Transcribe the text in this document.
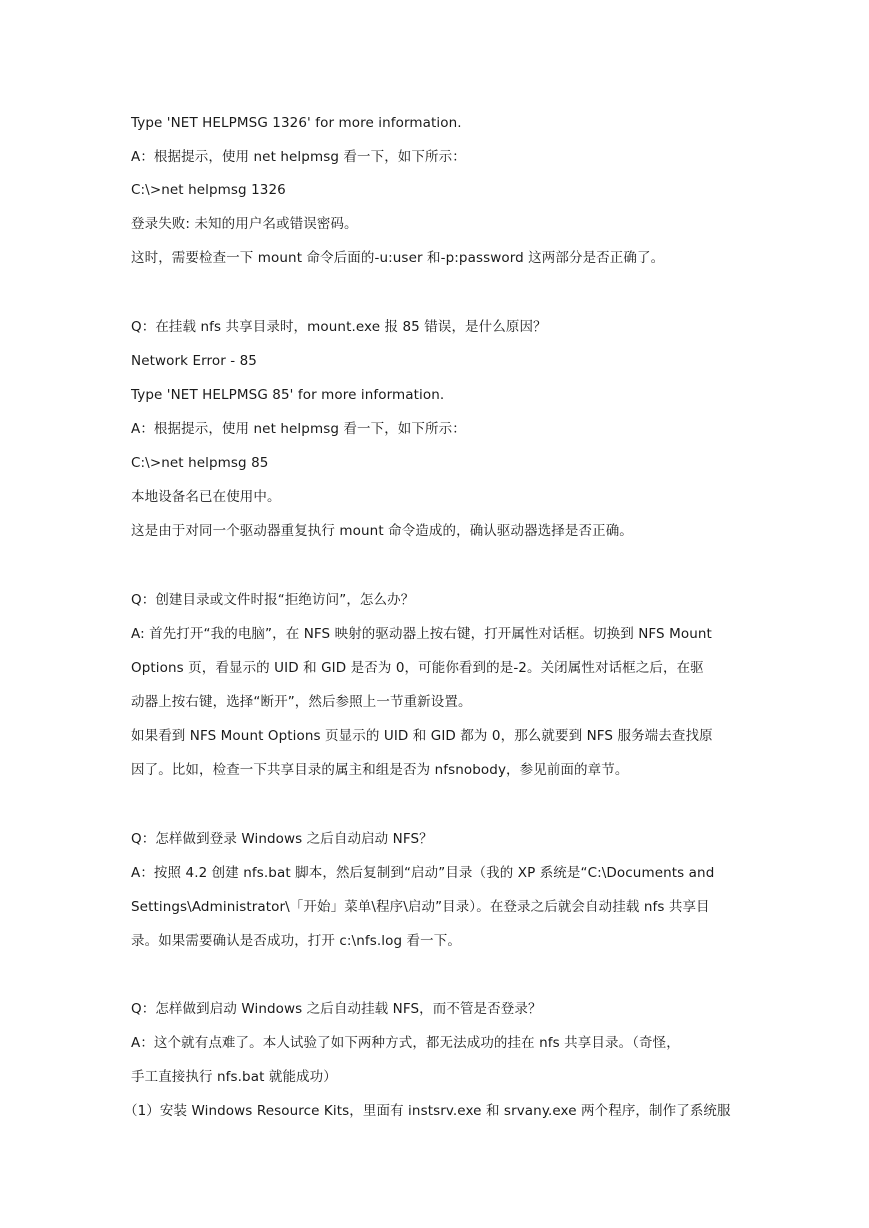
Type 'NET HELPMSG 1326' for more information.
A：根据提示，使用 net helpmsg 看一下，如下所示：
C:\>net helpmsg 1326
登录失败: 未知的用户名或错误密码。
这时，需要检查一下 mount 命令后面的-u:user 和-p:password 这两部分是否正确了。
Q：在挂载 nfs 共享目录时，mount.exe 报 85 错误，是什么原因？
Network Error - 85
Type 'NET HELPMSG 85' for more information.
A：根据提示，使用 net helpmsg 看一下，如下所示：
C:\>net helpmsg 85
本地设备名已在使用中。
这是由于对同一个驱动器重复执行 mount 命令造成的，确认驱动器选择是否正确。
Q：创建目录或文件时报“拒绝访问”，怎么办？
A: 首先打开“我的电脑”，在 NFS 映射的驱动器上按右键，打开属性对话框。切换到 NFS Mount
Options 页，看显示的 UID 和 GID 是否为 0，可能你看到的是-2。关闭属性对话框之后，在驱
动器上按右键，选择“断开”，然后参照上一节重新设置。
如果看到 NFS Mount Options 页显示的 UID 和 GID 都为 0，那么就要到 NFS 服务端去查找原
因了。比如，检查一下共享目录的属主和组是否为 nfsnobody，参见前面的章节。
Q：怎样做到登录 Windows 之后自动启动 NFS？
A：按照 4.2 创建 nfs.bat 脚本，然后复制到“启动”目录（我的 XP 系统是“C:\Documents and
Settings\Administrator\「开始」菜单\程序\启动”目录）。在登录之后就会自动挂载 nfs 共享目
录。如果需要确认是否成功，打开 c:\nfs.log 看一下。
Q：怎样做到启动 Windows 之后自动挂载 NFS，而不管是否登录？
A：这个就有点难了。本人试验了如下两种方式，都无法成功的挂在 nfs 共享目录。（奇怪，
手工直接执行 nfs.bat 就能成功）
（1）安装 Windows Resource Kits，里面有 instsrv.exe 和 srvany.exe 两个程序，制作了系统服
